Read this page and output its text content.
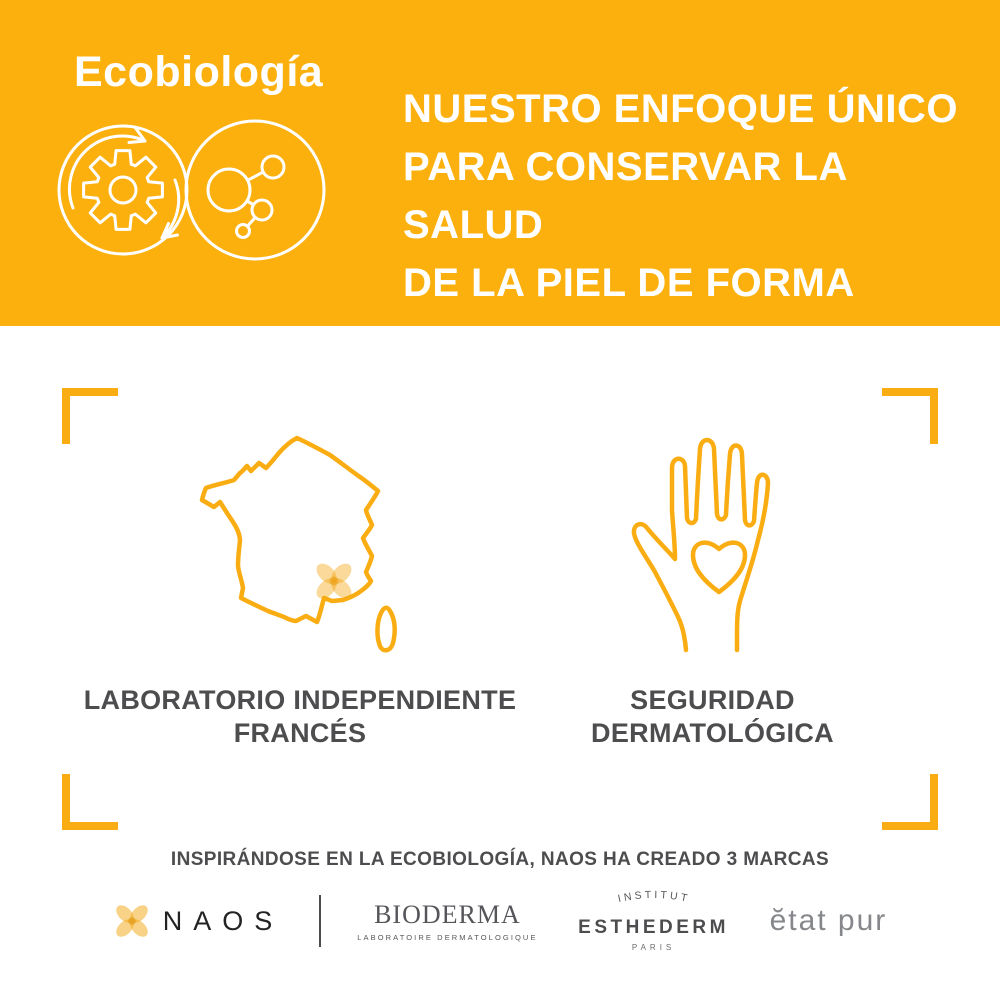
Ecobiología
NUESTRO ENFOQUE ÚNICO
PARA CONSERVAR LA SALUD
DE LA PIEL DE FORMA
DURADERA
LABORATORIO INDEPENDIENTE
FRANCÉS
SEGURIDAD
DERMATOLÓGICA
INSPIRÁNDOSE EN LA ECOBIOLOGÍA, NAOS HA CREADO 3 MARCAS
NAOS	BIODERMA
LABORATOIRE DERMATOLOGIQUE
INSTITUT
ESTHEDERM
PARIS
ĕtat pur
